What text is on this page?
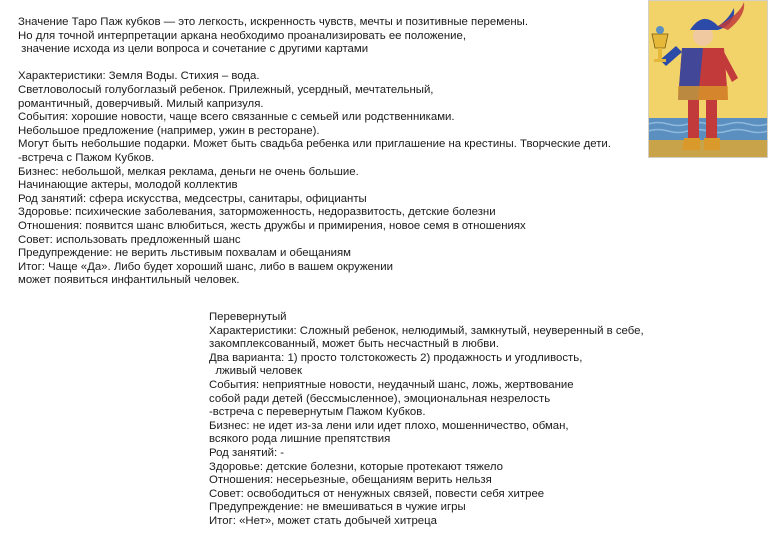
Значение Таро Паж кубков — это легкость, искренность чувств, мечты и позитивные перемены.
Но для точной интерпретации аркана необходимо проанализировать ее положение,
значение исхода из цели вопроса и сочетание с другими картами

Характеристики: Земля Воды. Стихия – вода.
Светловолосый голубоглазый ребенок. Прилежный, усердный, мечтательный,
романтичный, доверчивый. Милый капризуля.
События: хорошие новости, чаще всего связанные с семьей или родственниками.
Небольшое предложение (например, ужин в ресторане).
Могут быть небольшие подарки. Может быть свадьба ребенка или приглашение на крестины. Творческие дети.
-встреча с Пажом Кубков.
Бизнес: небольшой, мелкая реклама, деньги не очень большие.
Начинающие актеры, молодой коллектив
Род занятий: сфера искусства, медсестры, санитары, официанты
Здоровье: психические заболевания, заторможенность, недоразвитость, детские болезни
Отношения: появится шанс влюбиться, жесть дружбы и примирения, новое семя в отношениях
Совет: использовать предложенный шанс
Предупреждение: не верить льстивым похвалам и обещаниям
Итог: Чаще «Да». Либо будет хороший шанс, либо в вашем окружении
может появиться инфантильный человек.
Перевернутый
Характеристики: Сложный ребенок, нелюдимый, замкнутый, неуверенный в себе,
закомплексованный, может быть несчастный в любви.
Два варианта: 1) просто толстокожесть 2) продажность и угодливость,
лживый человек
События: неприятные новости, неудачный шанс, ложь, жертвование
собой ради детей (бессмысленное), эмоциональная незрелость
-встреча с перевернутым Пажом Кубков.
Бизнес: не идет из-за лени или идет плохо, мошенничество, обман,
всякого рода лишние препятствия
Род занятий: -
Здоровье: детские болезни, которые протекают тяжело
Отношения: несерьезные, обещаниям верить нельзя
Совет: освободиться от ненужных связей, повести себя хитрее
Предупреждение: не вмешиваться в чужие игры
Итог: «Нет», может стать добычей хитреца
